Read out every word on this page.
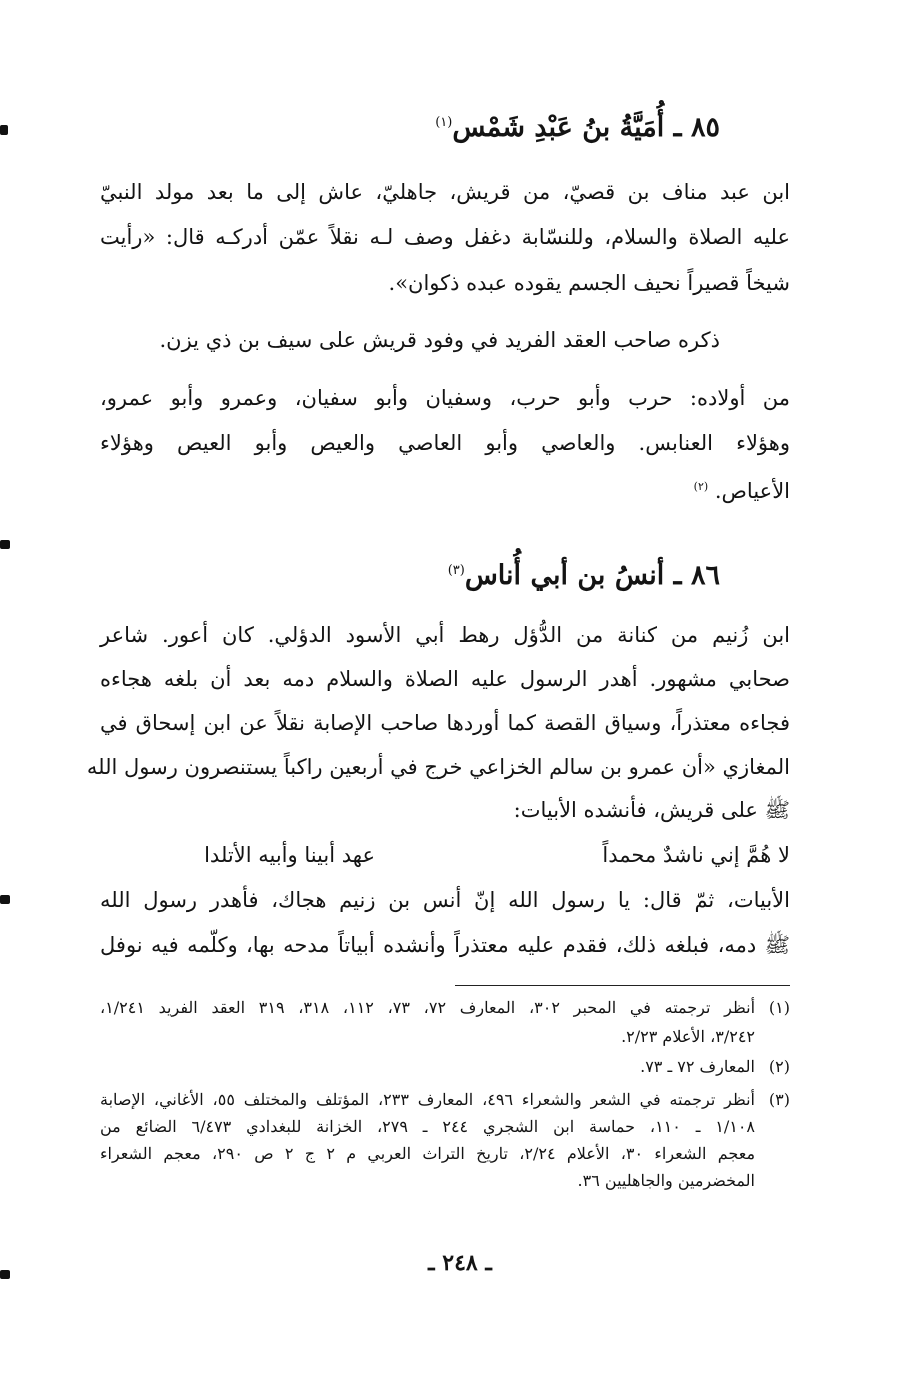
٨٥ ـ أُمَيَّةُ بنُ عَبْدِ شَمْس$^{(١)}$
ابن عبد مناف بن قصيّ، من قريش، جاهليّ، عاش إلى ما بعد مولد النبيّ
عليه الصلاة والسلام، وللنسّابة دغفل وصف لـه نقلاً عمّن أدركـه قال: «رأيت
شيخاً قصيراً نحيف الجسم يقوده عبده ذكوان».
ذكره صاحب العقد الفريد في وفود قريش على سيف بن ذي يزن.
من أولاده: حرب وأبو حرب، وسفيان وأبو سفيان، وعمرو وأبو عمرو،
وهؤلاء العنابس. والعاصي وأبو العاصي والعيص وأبو العيص وهؤلاء
الأعياص. $^{(٢)}$
٨٦ ـ أنسُ بن أبي أُناس$^{(٣)}$
ابن زُنيم من كنانة من الدُّؤل رهط أبي الأسود الدؤلي. كان أعور. شاعر
صحابي مشهور. أهدر الرسول عليه الصلاة والسلام دمه بعد أن بلغه هجاءه
فجاءه معتذراً، وسياق القصة كما أوردها صاحب الإصابة نقلاً عن ابن إسحاق في
المغازي «أن عمرو بن سالم الخزاعي خرج في أربعين راكباً يستنصرون رسول الله
ﷺ على قريش، فأنشده الأبيات:
لا هُمَّ إني ناشدٌ محمداً
عهد أبينا وأبيه الأتلدا
الأبيات، ثمّ قال: يا رسول الله إنّ أنس بن زنيم هجاك، فأهدر رسول الله
ﷺ دمه، فبلغه ذلك، فقدم عليه معتذراً وأنشده أبياتاً مدحه بها، وكلّمه فيه نوفل
(١)
أنظر ترجمته في المحبر ٣٠٢، المعارف ٧٢، ٧٣، ١١٢، ٣١٨، ٣١٩ العقد الفريد ١/٢٤١،
٣/٢٤٢، الأعلام ٢/٢٣.
(٢)
المعارف ٧٢ ـ ٧٣.
(٣)
أنظر ترجمته في الشعر والشعراء ٤٩٦، المعارف ٢٣٣، المؤتلف والمختلف ٥٥، الأغاني، الإصابة
١/١٠٨ ـ ١١٠، حماسة ابن الشجري ٢٤٤ ـ ٢٧٩، الخزانة للبغدادي ٦/٤٧٣ الضائع من
معجم الشعراء ٣٠، الأعلام ٢/٢٤، تاريخ التراث العربي م ٢ ج ٢ ص ٢٩٠، معجم الشعراء
المخضرمين والجاهليين ٣٦.
ـ ٢٤٨ ـ
